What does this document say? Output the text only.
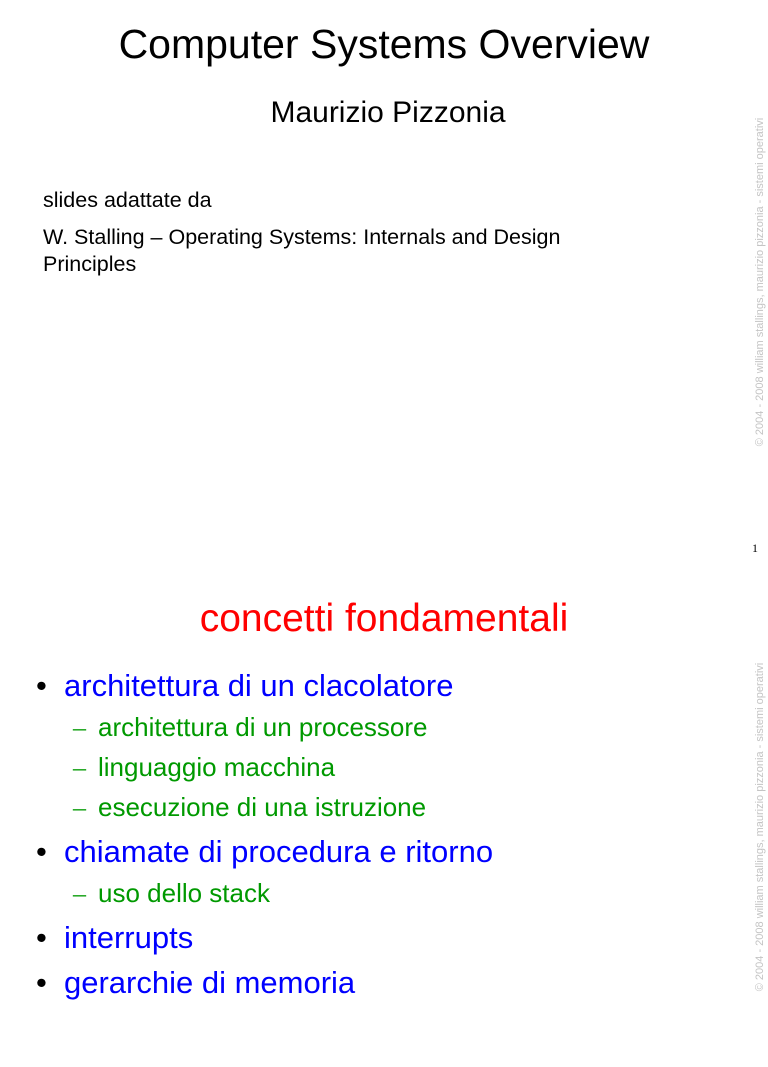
Computer Systems Overview
Maurizio Pizzonia
slides adattate da
W. Stalling – Operating Systems: Internals and Design
Principles	© 2004 - 2008 william stallings, maurizio pizzonia - sistemi operativi
1
concetti fondamentali
• architettura di un clacolatore
– architettura di un processore
– linguaggio macchina
– esecuzione di una istruzione
• chiamate di procedura e ritorno
– uso dello stack
• interrupts
• gerarchie di memoria	© 2004 - 2008 william stallings, maurizio pizzonia - sistemi operativi
